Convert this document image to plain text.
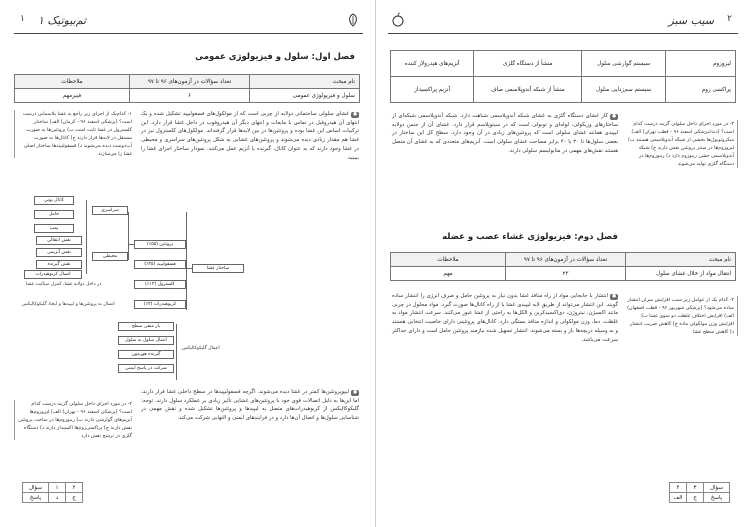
تم‌بیوتیک ۱
۱
فصل اول: سلول و فیزیولوژی عمومی
نام مبحث	تعداد سؤالات در آزمون‌های ۹۶ تا ۹۷	ملاحظات
سلول و فیزیولوژی عمومی	۶	فیبرمهم
●غشای سلولی ساختمانی دولایه از چربی است که از مولکول‌های فسفولیپید تشکیل شده و یک انتهای آن هیدروفیل در تماس با مایعات و انتهای دیگر آن هیدروفوب در داخل غشا قرار دارد. این ترکیبات اساس این غشا بوده و پروتئین‌ها در بین لایه‌ها قرار گرفته‌اند. مولکول‌های کلسترول نیز در غشا هم مقدار زیادی دیده می‌شوند و پروتئین‌های غشایی به شکل پروتئین‌های سراسری و محیطی در غشا وجود دارند که به عنوان کانال، گیرنده یا آنزیم عمل می‌کنند. نمودار ساختار اجزای غشا را ببینید.
۱- کدام‌یک از اجزای زیر راجع به غشا پلاسمایی درست است؟ (پزشکی اسفند ۹۶ - کرمان) الف) ساختار کلسترول در غشا ثابت است ب) پروتئین‌ها به صورت مستقل در لایه‌ها قرار دارند ج) کانال‌ها به صورت آب‌دوست دیده می‌شوند د) فسفولیپیدها ساختار اصلی غشا را می‌سازند
ساختار غشا
پروتئین (۵۵٪)
فسفولیپید (۲۵٪)
کلسترول (۱۳٪)
کربوهیدرات (۳٪)
در داخل دولایه غشا، کنترل سیالیت غشا
اتصال به پروتئین‌ها و لیپیدها و ایجاد گلیکوکالیکس
سراسری
محیطی
کانال یونی
حامل
پمپ
نقش انتقالی
نقش آنزیمی
نقش گیرنده
اتصال کربوهیدرات
اعمال گلیکوکالیکس
بار منفی سطح
اتصال سلول به سلول
گیرنده هورمون
شرکت در پاسخ ایمنی
●لیپوپروتئین‌ها کمتر در غشا دیده می‌شوند. اگرچه فسفولیپیدها در سطح داخلی غشا قرار دارند، اما این‌ها به دلیل اتصالات قوی خود با پروتئین‌های غشایی تأثیر زیادی بر عملکرد سلول دارند. توجه: گلیکوکالیکس از کربوهیدرات‌های متصل به لیپیدها و پروتئین‌ها تشکیل شده و نقش مهمی در شناسایی سلول‌ها و اتصال آن‌ها دارد و در فرایندهای ایمنی و التهابی شرکت می‌کند.
۲- در مورد اجزای داخل سلولی گزینه درست کدام است؟ (پزشکی اسفند ۹۶ - تهران) الف) لیزوزوم‌ها آنزیم‌های گوارشی دارند ب) ریبوزوم‌ها در ساخت پروتئین نقش دارند ج) پراکسی‌زوم‌ها اکسیداز دارند د) دستگاه گلژی در ترشح نقش دارد
۲	۱	سؤال
ج	د	پاسخ
سیب سبز ۲
لیزوزوم	سیستم گوارشی سلول	منشأ از دستگاه گلژی	آنزیم‌های هیدرولاز کننده
پراکسی زوم	سیستم سم‌زدایی سلول	منشأ از شبکه آندوپلاسمی صاف	آنزیم پراکسیداز
●کار غشای دستگاه گلژی به غشای شبکه آندوپلاسمی شباهت دارد. شبکه آندوپلاسمی شبکه‌ای از ساختارهای وزیکولی، لوله‌ای و توبولی است که در سیتوپلاسم قرار دارد. غشای آن از جنس دولایه لیپیدی همانند غشای سلولی است که پروتئین‌های زیادی در آن وجود دارد. سطح کل این ساختار در بعضی سلول‌ها تا ۳۰ یا ۴۰ برابر مساحت غشای سلولی است. آنزیم‌های متعددی که به غشای آن متصل هستند نقش‌های مهمی در متابولیسم سلولی دارند.
۳- در مورد اجزای داخل سلولی گزینه درست کدام است؟ (دندانپزشکی اسفند ۹۶ - قطب تهران) الف) میکروتوبول‌ها بخشی از شبکه آندوپلاسمی هستند ب) لیزوزوم‌ها در سنتز پروتئین نقش دارند ج) شبکه آندوپلاسمی خشن ریبوزوم دارد د) ریبوزوم‌ها در دستگاه گلژی تولید می‌شوند
فصل دوم: فیزیولوژی غشاء عصب و عضله
نام مبحث	تعداد سؤالات در آزمون‌های ۹۶ تا ۹۷	ملاحظات
انتقال مواد از خلال غشای سلول	۲۳	مهم
●انتشار یا جابجایی مواد از راه منافذ غشا بدون نیاز به پروتئین حامل و صرف انرژی را انتشار ساده گویند. این انتشار می‌تواند از طریق لایه لیپیدی غشا یا از راه کانال‌ها صورت گیرد. مواد محلول در چربی مانند اکسیژن، نیتروژن، دی‌اکسیدکربن و الکل‌ها به راحتی از غشا عبور می‌کنند. سرعت انتشار مواد به غلظت، دما، وزن مولکولی و اندازه منافذ بستگی دارد. کانال‌های پروتئینی دارای خاصیت انتخابی هستند و به وسیله دریچه‌ها باز و بسته می‌شوند. انتشار تسهیل شده نیازمند پروتئین حامل است و دارای حداکثر سرعت می‌باشد.
۴- کدام یک از عوامل زیر سبب افزایش میزان انتشار ساده می‌شود؟ (پزشکی شهریور ۹۶ - قطب اصفهان) الف) افزایش اختلاف غلظت دو سوی غشا ب) افزایش وزن مولکولی ماده ج) کاهش ضریب انتشار د) کاهش سطح غشا
سؤال	۳	۴
پاسخ	ج	الف
